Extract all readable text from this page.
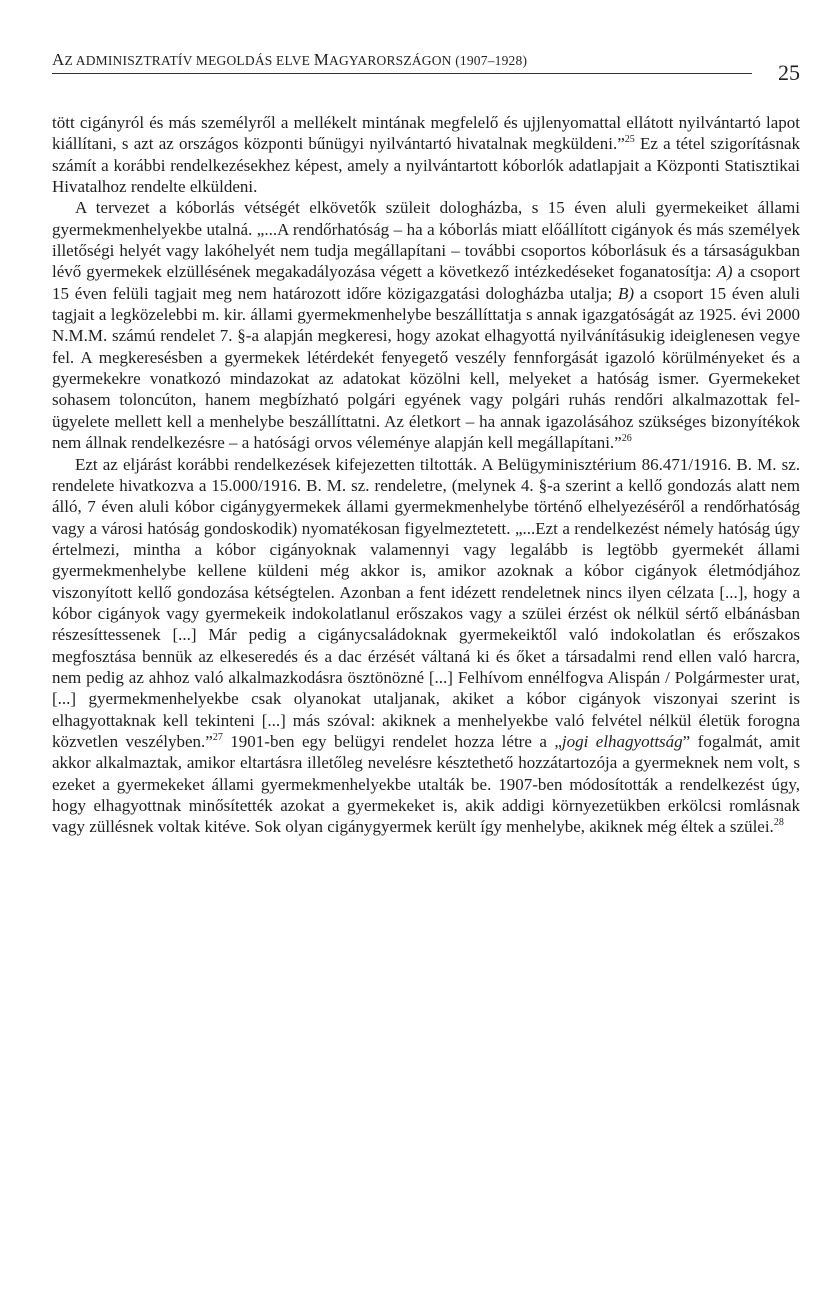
AZ ADMINISZTRATÍV MEGOLDÁS ELVE MAGYARORSZÁGON (1907–1928)	25

tött cigányról és más személyről a mellékelt mintának megfelelő és ujjlenyomattal ellátott nyilvántartó lapot kiállítani, s azt az országos központi bűnügyi nyilvántartó hivatalnak megküldeni.”$^{25}$ Ez a tétel szigorításnak számít a korábbi rendelkezésekhez képest, amely a nyilvántartott kóborlók adatlapjait a Központi Statisztikai Hivatalhoz rendelte elküldeni.

A tervezet a kóborlás vétségét elkövetők szüleit dologházba, s 15 éven aluli gyermekeiket állami gyermekmenhelyekbe utalná. „...A rendőrhatóság – ha a kóborlás miatt előállított cigányok és más személyek illetőségi helyét vagy lakóhelyét nem tudja megállapítani – további csoportos kóborlásuk és a társaságukban lévő gyermekek elzüllésének megakadályozása végett a következő intézkedéseket foganatosítja: A) a csoport 15 éven felüli tagjait meg nem határozott időre közigazgatási dologházba utalja; B) a csoport 15 éven aluli tagjait a legközelebbi m. kir. állami gyermekmenhelybe beszállíttatja s annak igazgatóságát az 1925. évi 2000 N.M.M. számú rendelet 7. §-a alapján megkeresi, hogy azokat elhagyottá nyilvánításukig ideiglenesen vegye fel. A megkeresésben a gyermekek létérdekét fenyegető veszély fennforgását igazoló körülményeket és a gyermekekre vonatkozó mindazokat az adatokat közölni kell, melyeket a hatóság ismer. Gyermekeket sohasem toloncúton, hanem megbízható polgári egyének vagy polgári ruhás rendőri alkalmazottak felügyelete mellett kell a menhelybe beszállíttatni. Az életkort – ha annak igazolásához szükséges bizonyítékok nem állnak rendelkezésre – a hatósági orvos véleménye alapján kell megállapítani.”$^{26}$

Ezt az eljárást korábbi rendelkezések kifejezetten tiltották. A Belügyminisztérium 86.471/1916. B. M. sz. rendelete hivatkozva a 15.000/1916. B. M. sz. rendeletre, (melynek 4. §-a szerint a kellő gondozás alatt nem álló, 7 éven aluli kóbor cigánygyermekek állami gyermekmenhelybe történő elhelyezéséről a rendőrhatóság vagy a városi hatóság gondoskodik) nyomatékosan figyelmeztetett. „...Ezt a rendelkezést némely hatóság úgy értelmezi, mintha a kóbor cigányoknak valamennyi vagy legalább is legtöbb gyermekét állami gyermekmenhelybe kellene küldeni még akkor is, amikor azoknak a kóbor cigányok életmódjához viszonyított kellő gondozása kétségtelen. Azonban a fent idézett rendeletnek nincs ilyen célzata [...], hogy a kóbor cigányok vagy gyermekeik indokolatlanul erőszakos vagy a szülei érzést ok nélkül sértő elbánásban részesíttessenek [...] Már pedig a cigánycsaládoknak gyermekeiktől való indokolatlan és erőszakos megfosztása bennük az elkeseredés és a dac érzését váltaná ki és őket a társadalmi rend ellen való harcra, nem pedig az ahhoz való alkalmazkodásra ösztönözné [...] Felhívom ennélfogva Alispán / Polgármester urat, [...] gyermekmenhelyekbe csak olyanokat utaljanak, akiket a kóbor cigányok viszonyai szerint is elhagyottaknak kell tekinteni [...] más szóval: akiknek a menhelyekbe való felvétel nélkül életük forogna közvetlen veszélyben.”$^{27}$ 1901-ben egy belügyi rendelet hozza létre a „jogi elhagyottság” fogalmát, amit akkor alkalmaztak, amikor eltartásra illetőleg nevelésre késztethető hozzátartozója a gyermeknek nem volt, s ezeket a gyermekeket állami gyermekmenhelyekbe utalták be. 1907-ben módosították a rendelkezést úgy, hogy elhagyottnak minősítették azokat a gyermekeket is, akik addigi környezetükben erkölcsi romlásnak vagy züllésnek voltak kitéve. Sok olyan cigánygyermek került így menhelybe, akiknek még éltek a szülei.$^{28}$
